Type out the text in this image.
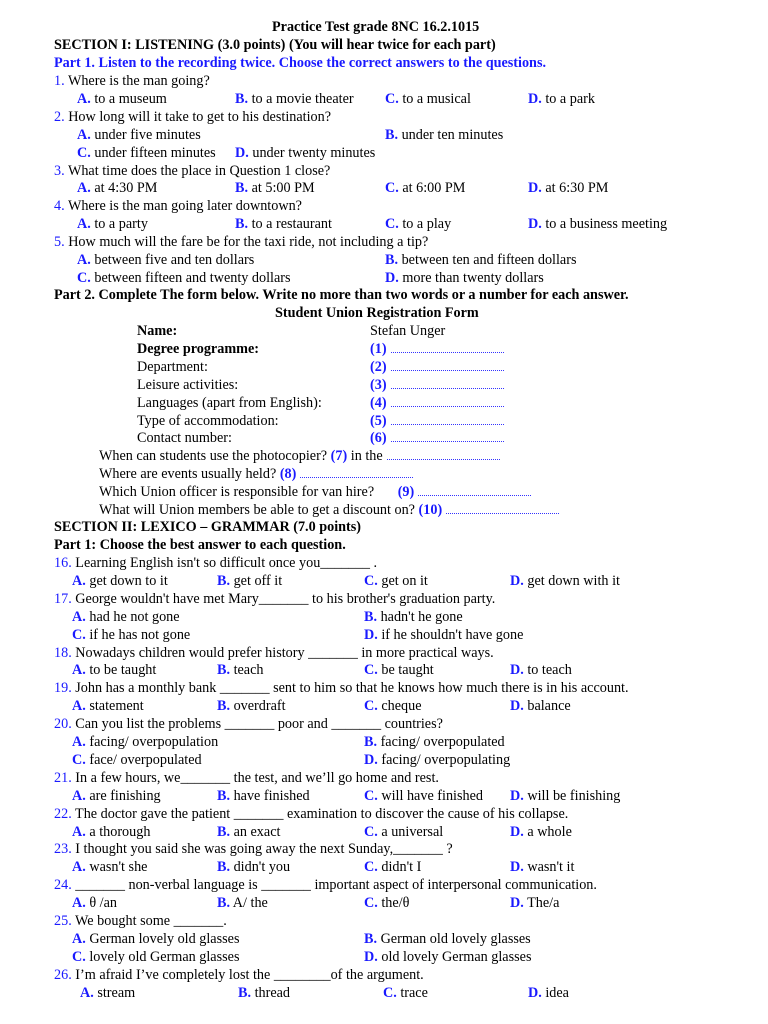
Practice Test grade 8NC 16.2.1015
SECTION I: LISTENING (3.0 points) (You will hear twice for each part)
Part 1. Listen to the recording twice. Choose the correct answers to the questions.
1. Where is the man going?
A. to a museum	B. to a movie theater C. to a musical	D. to a park
2. How long will it take to get to his destination?
A. under five minutes	B. under ten minutes
C. under fifteen minutes D. under twenty minutes
3. What time does the place in Question 1 close?
A. at 4:30 PM	B. at 5:00 PM	C. at 6:00 PM	D. at 6:30 PM
4. Where is the man going later downtown?
A. to a party	B. to a restaurant	C. to a play	D. to a business meeting
5. How much will the fare be for the taxi ride, not including a tip?
A. between five and ten dollars	B. between ten and fifteen dollars
C. between fifteen and twenty dollars	D. more than twenty dollars
Part 2. Complete The form below. Write no more than two words or a number for each answer.
Student Union Registration Form
Name:	Stefan Unger
Degree programme:	(1)
Department:	(2)
Leisure activities:	(3)
Languages (apart from English):	(4)
Type of accommodation:	(5)
Contact number:	(6)
When can students use the photocopier? (7) in the
Where are events usually held? (8)
Which Union officer is responsible for van hire? (9)
What will Union members be able to get a discount on? (10)
SECTION II: LEXICO – GRAMMAR (7.0 points)
Part 1: Choose the best answer to each question.
16. Learning English isn't so difficult once you_______ .
A. get down to it	B. get off it	C. get on it	D. get down with it
17. George wouldn't have met Mary_______ to his brother's graduation party.
A. had he not gone	B. hadn't he gone
C. if he has not gone	D. if he shouldn't have gone
18. Nowadays children would prefer history _______ in more practical ways.
A. to be taught	B. teach	C. be taught	D. to teach
19. John has a monthly bank _______ sent to him so that he knows how much there is in his account.
A. statement	B. overdraft	C. cheque	D. balance
20. Can you list the problems _______ poor and _______ countries?
A. facing/ overpopulation	B. facing/ overpopulated
C. face/ overpopulated	D. facing/ overpopulating
21. In a few hours, we_______ the test, and we’ll go home and rest.
A. are finishing	B. have finished	C. will have finished D. will be finishing
22. The doctor gave the patient _______ examination to discover the cause of his collapse.
A. a thorough	B. an exact	C. a universal	D. a whole
23. I thought you said she was going away the next Sunday,_______ ?
A. wasn't she	B. didn't you	C. didn't I	D. wasn't it
24. _______ non-verbal language is _______ important aspect of interpersonal communication.
A. θ /an	B. A/ the	C. the/θ	D. The/a
25. We bought some _______.
A. German lovely old glasses	B. German old lovely glasses
C. lovely old German glasses	D. old lovely German glasses
26. I’m afraid I’ve completely lost the ________of the argument.
A. stream	B. thread	C. trace	D. idea
